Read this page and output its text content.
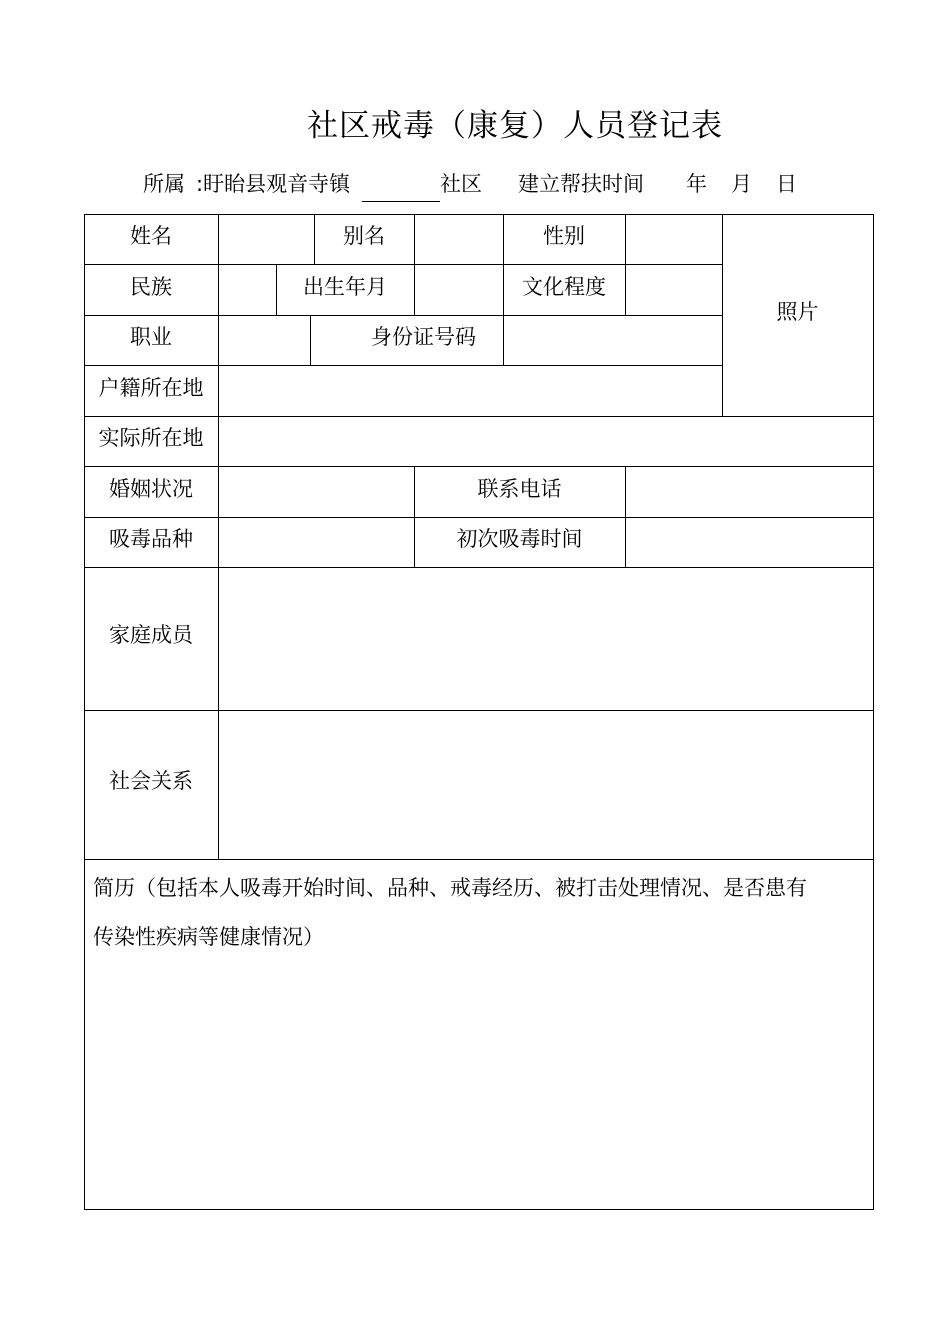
社区戒毒（康复）人员登记表
所属 :盱眙县观音寺镇	社区 建立帮扶时间 年 月 日
姓名	别名	性别
照片
民族	出生年月	文化程度
职业	身份证号码
户籍所在地
实际所在地
婚姻状况	联系电话
吸毒品种	初次吸毒时间
家庭成员
社会关系
简历（包括本人吸毒开始时间、品种、戒毒经历、被打击处理情况、是否患有
传染性疾病等健康情况）
